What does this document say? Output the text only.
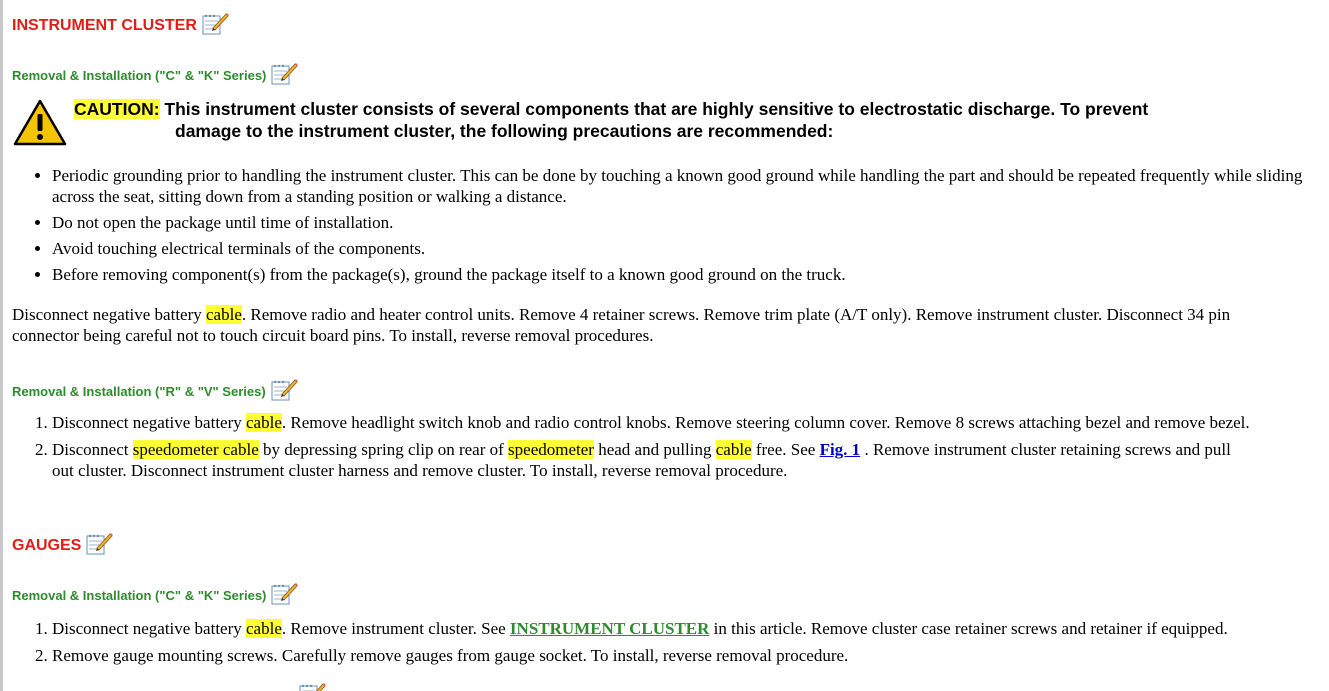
INSTRUMENT CLUSTER
Removal & Installation ("C" & "K" Series)
CAUTION: This instrument cluster consists of several components that are highly sensitive to electrostatic discharge. To prevent
damage to the instrument cluster, the following precautions are recommended:
• Periodic grounding prior to handling the instrument cluster. This can be done by touching a known good ground while handling the part and should be repeated frequently while sliding across the seat, sitting down from a standing position or walking a distance.
• Do not open the package until time of installation.
• Avoid touching electrical terminals of the components.
• Before removing component(s) from the package(s), ground the package itself to a known good ground on the truck.
Disconnect negative battery cable. Remove radio and heater control units. Remove 4 retainer screws. Remove trim plate (A/T only). Remove instrument cluster. Disconnect 34 pin
connector being careful not to touch circuit board pins. To install, reverse removal procedures.
Removal & Installation ("R" & "V" Series)
1. Disconnect negative battery cable. Remove headlight switch knob and radio control knobs. Remove steering column cover. Remove 8 screws attaching bezel and remove bezel.
2. Disconnect speedometer cable by depressing spring clip on rear of speedometer head and pulling cable free. See Fig. 1 . Remove instrument cluster retaining screws and pull
out cluster. Disconnect instrument cluster harness and remove cluster. To install, reverse removal procedure.
GAUGES
Removal & Installation ("C" & "K" Series)
1. Disconnect negative battery cable. Remove instrument cluster. See INSTRUMENT CLUSTER in this article. Remove cluster case retainer screws and retainer if equipped.
2. Remove gauge mounting screws. Carefully remove gauges from gauge socket. To install, reverse removal procedure.
